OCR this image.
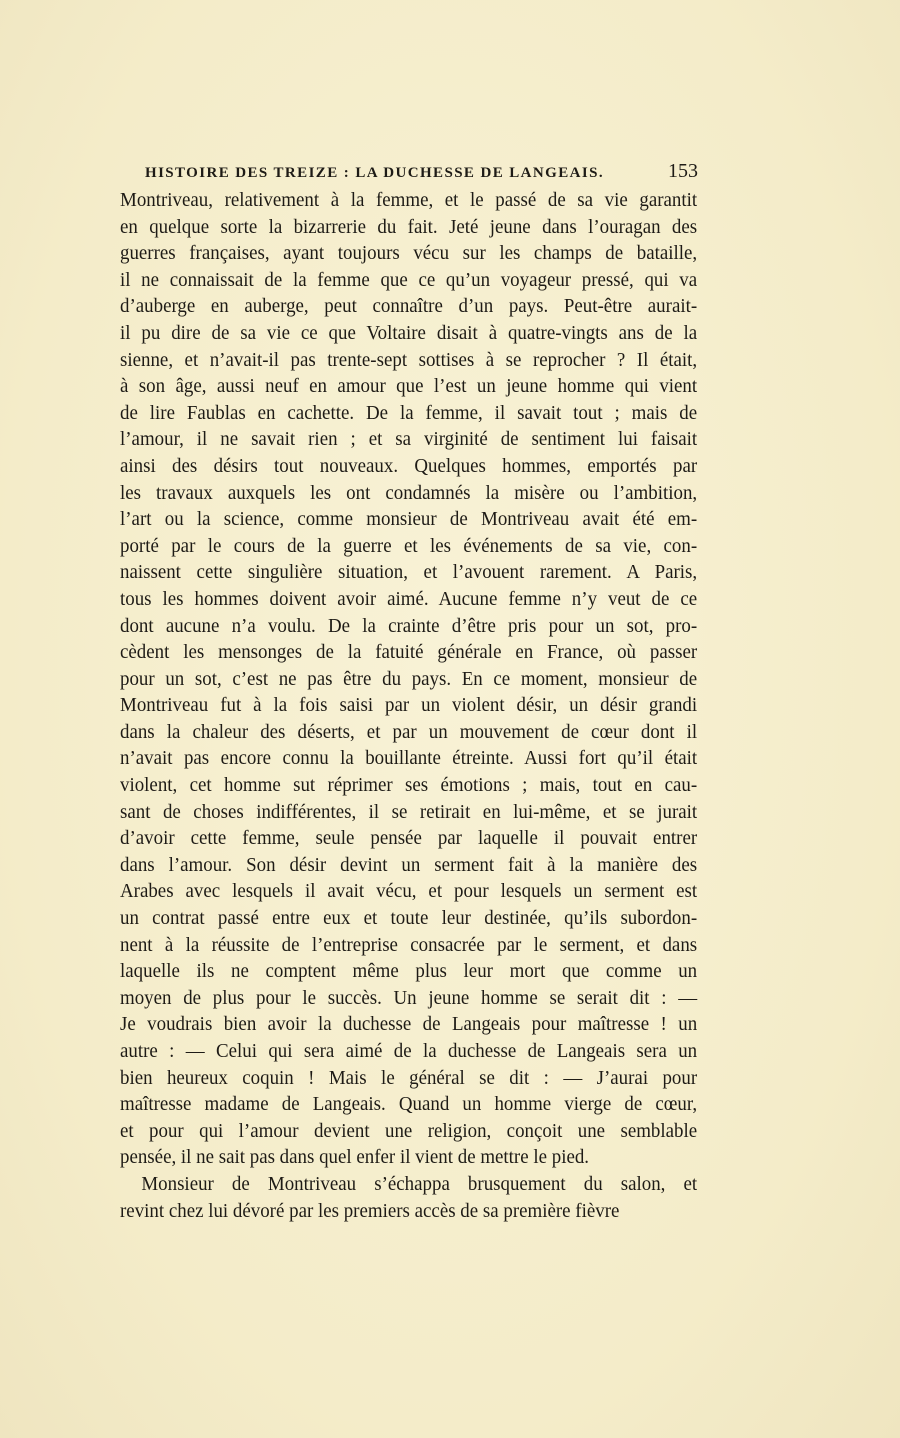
HISTOIRE DES TREIZE : LA DUCHESSE DE LANGEAIS.	153
Montriveau, relativement à la femme, et le passé de sa vie garantit
en quelque sorte la bizarrerie du fait. Jeté jeune dans l’ouragan des
guerres françaises, ayant toujours vécu sur les champs de bataille,
il ne connaissait de la femme que ce qu’un voyageur pressé, qui va
d’auberge en auberge, peut connaître d’un pays. Peut-être aurait-
il pu dire de sa vie ce que Voltaire disait à quatre-vingts ans de la
sienne, et n’avait-il pas trente-sept sottises à se reprocher ? Il était,
à son âge, aussi neuf en amour que l’est un jeune homme qui vient
de lire Faublas en cachette. De la femme, il savait tout ; mais de
l’amour, il ne savait rien ; et sa virginité de sentiment lui faisait
ainsi des désirs tout nouveaux. Quelques hommes, emportés par
les travaux auxquels les ont condamnés la misère ou l’ambition,
l’art ou la science, comme monsieur de Montriveau avait été em-
porté par le cours de la guerre et les événements de sa vie, con-
naissent cette singulière situation, et l’avouent rarement. A Paris,
tous les hommes doivent avoir aimé. Aucune femme n’y veut de ce
dont aucune n’a voulu. De la crainte d’être pris pour un sot, pro-
cèdent les mensonges de la fatuité générale en France, où passer
pour un sot, c’est ne pas être du pays. En ce moment, monsieur de
Montriveau fut à la fois saisi par un violent désir, un désir grandi
dans la chaleur des déserts, et par un mouvement de cœur dont il
n’avait pas encore connu la bouillante étreinte. Aussi fort qu’il était
violent, cet homme sut réprimer ses émotions ; mais, tout en cau-
sant de choses indifférentes, il se retirait en lui-même, et se jurait
d’avoir cette femme, seule pensée par laquelle il pouvait entrer
dans l’amour. Son désir devint un serment fait à la manière des
Arabes avec lesquels il avait vécu, et pour lesquels un serment est
un contrat passé entre eux et toute leur destinée, qu’ils subordon-
nent à la réussite de l’entreprise consacrée par le serment, et dans
laquelle ils ne comptent même plus leur mort que comme un
moyen de plus pour le succès. Un jeune homme se serait dit : —
Je voudrais bien avoir la duchesse de Langeais pour maîtresse ! un
autre : — Celui qui sera aimé de la duchesse de Langeais sera un
bien heureux coquin ! Mais le général se dit : — J’aurai pour
maîtresse madame de Langeais. Quand un homme vierge de cœur,
et pour qui l’amour devient une religion, conçoit une semblable
pensée, il ne sait pas dans quel enfer il vient de mettre le pied.
Monsieur de Montriveau s’échappa brusquement du salon, et
revint chez lui dévoré par les premiers accès de sa première fièvre
